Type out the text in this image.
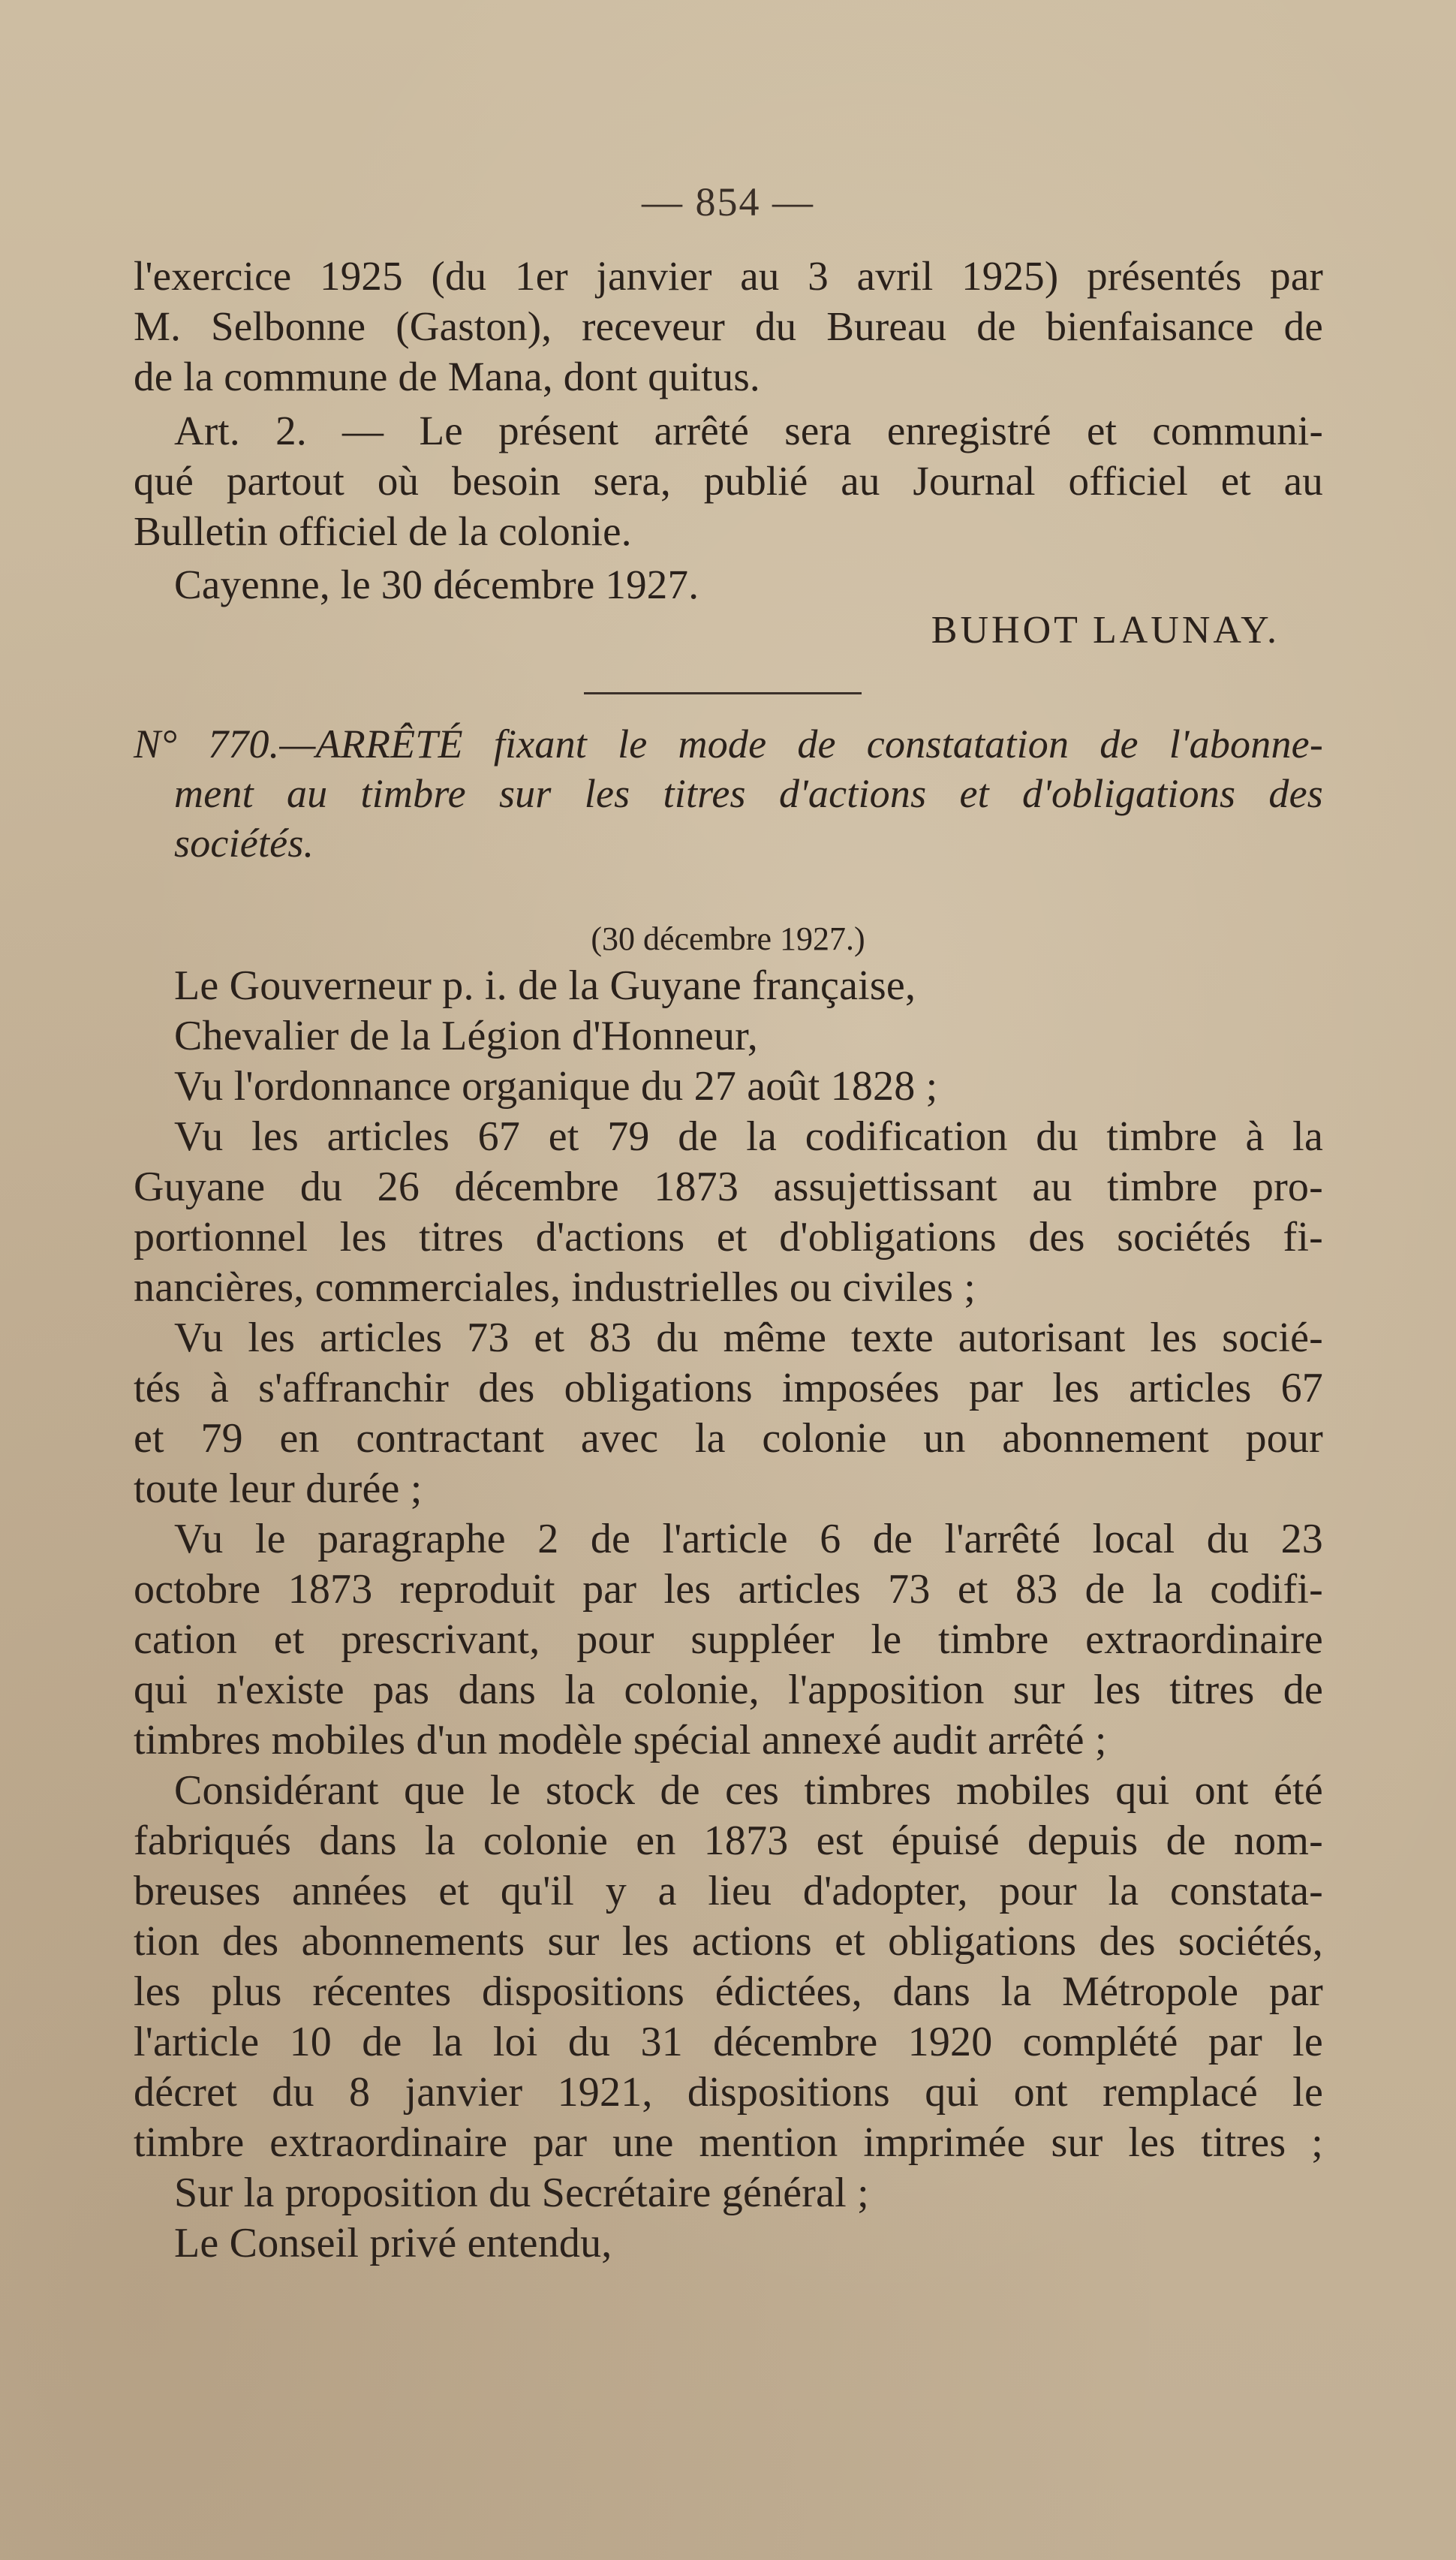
— 854 —
l'exercice 1925 (du 1er janvier au 3 avril 1925) présentés par
M. Selbonne (Gaston), receveur du Bureau de bienfaisance de
de la commune de Mana, dont quitus.
Art. 2. — Le présent arrêté sera enregistré et communi-
qué partout où besoin sera, publié au Journal officiel et au
Bulletin officiel de la colonie.
Cayenne, le 30 décembre 1927.
BUHOT LAUNAY.
N° 770.—ARRÊTÉ fixant le mode de constatation de l'abonne-
ment au timbre sur les titres d'actions et d'obligations des
sociétés.
(30 décembre 1927.)
Le Gouverneur p. i. de la Guyane française,
Chevalier de la Légion d'Honneur,
Vu l'ordonnance organique du 27 août 1828 ;
Vu les articles 67 et 79 de la codification du timbre à la
Guyane du 26 décembre 1873 assujettissant au timbre pro-
portionnel les titres d'actions et d'obligations des sociétés fi-
nancières, commerciales, industrielles ou civiles ;
Vu les articles 73 et 83 du même texte autorisant les socié-
tés à s'affranchir des obligations imposées par les articles 67
et 79 en contractant avec la colonie un abonnement pour
toute leur durée ;
Vu le paragraphe 2 de l'article 6 de l'arrêté local du 23
octobre 1873 reproduit par les articles 73 et 83 de la codifi-
cation et prescrivant, pour suppléer le timbre extraordinaire
qui n'existe pas dans la colonie, l'apposition sur les titres de
timbres mobiles d'un modèle spécial annexé audit arrêté ;
Considérant que le stock de ces timbres mobiles qui ont été
fabriqués dans la colonie en 1873 est épuisé depuis de nom-
breuses années et qu'il y a lieu d'adopter, pour la constata-
tion des abonnements sur les actions et obligations des sociétés,
les plus récentes dispositions édictées, dans la Métropole par
l'article 10 de la loi du 31 décembre 1920 complété par le
décret du 8 janvier 1921, dispositions qui ont remplacé le
timbre extraordinaire par une mention imprimée sur les titres ;
Sur la proposition du Secrétaire général ;
Le Conseil privé entendu,
